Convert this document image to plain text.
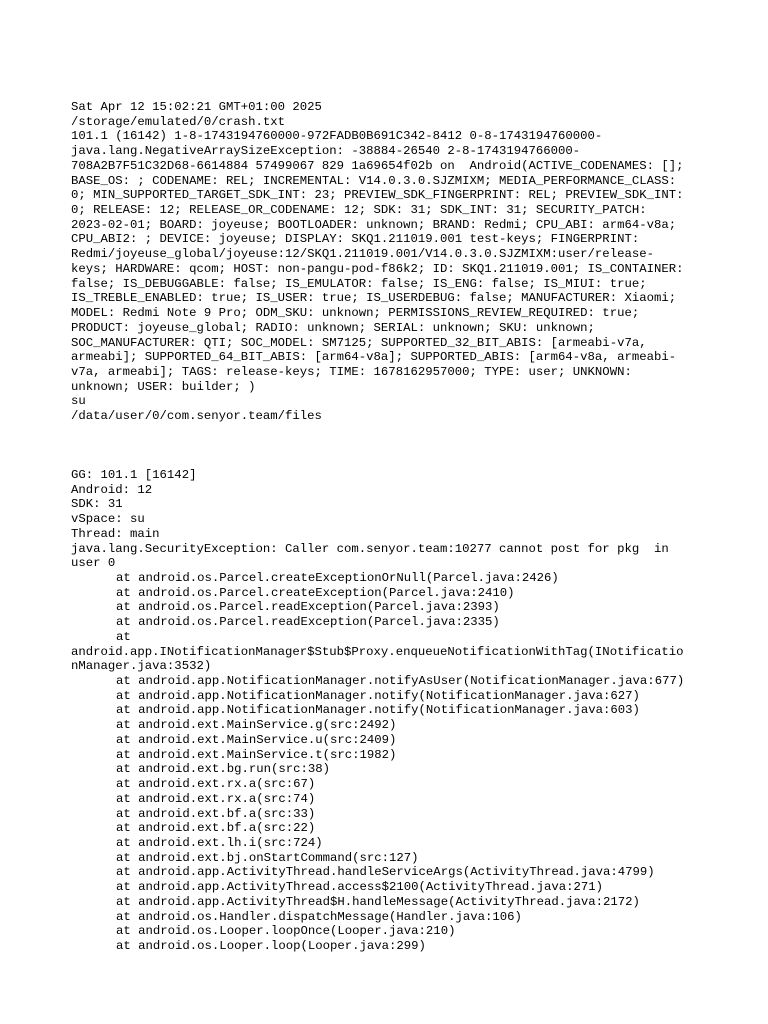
Sat Apr 12 15:02:21 GMT+01:00 2025
/storage/emulated/0/crash.txt
101.1 (16142) 1-8-1743194760000-972FADB0B691C342-8412 0-8-1743194760000-
java.lang.NegativeArraySizeException: -38884-26540 2-8-1743194766000-
708A2B7F51C32D68-6614884 57499067 829 1a69654f02b on  Android(ACTIVE_CODENAMES: [];
BASE_OS: ; CODENAME: REL; INCREMENTAL: V14.0.3.0.SJZMIXM; MEDIA_PERFORMANCE_CLASS:
0; MIN_SUPPORTED_TARGET_SDK_INT: 23; PREVIEW_SDK_FINGERPRINT: REL; PREVIEW_SDK_INT:
0; RELEASE: 12; RELEASE_OR_CODENAME: 12; SDK: 31; SDK_INT: 31; SECURITY_PATCH:
2023-02-01; BOARD: joyeuse; BOOTLOADER: unknown; BRAND: Redmi; CPU_ABI: arm64-v8a;
CPU_ABI2: ; DEVICE: joyeuse; DISPLAY: SKQ1.211019.001 test-keys; FINGERPRINT:
Redmi/joyeuse_global/joyeuse:12/SKQ1.211019.001/V14.0.3.0.SJZMIXM:user/release-
keys; HARDWARE: qcom; HOST: non-pangu-pod-f86k2; ID: SKQ1.211019.001; IS_CONTAINER:
false; IS_DEBUGGABLE: false; IS_EMULATOR: false; IS_ENG: false; IS_MIUI: true;
IS_TREBLE_ENABLED: true; IS_USER: true; IS_USERDEBUG: false; MANUFACTURER: Xiaomi;
MODEL: Redmi Note 9 Pro; ODM_SKU: unknown; PERMISSIONS_REVIEW_REQUIRED: true;
PRODUCT: joyeuse_global; RADIO: unknown; SERIAL: unknown; SKU: unknown;
SOC_MANUFACTURER: QTI; SOC_MODEL: SM7125; SUPPORTED_32_BIT_ABIS: [armeabi-v7a,
armeabi]; SUPPORTED_64_BIT_ABIS: [arm64-v8a]; SUPPORTED_ABIS: [arm64-v8a, armeabi-
v7a, armeabi]; TAGS: release-keys; TIME: 1678162957000; TYPE: user; UNKNOWN:
unknown; USER: builder; )
su
/data/user/0/com.senyor.team/files
GG: 101.1 [16142]
Android: 12
SDK: 31
vSpace: su
Thread: main
java.lang.SecurityException: Caller com.senyor.team:10277 cannot post for pkg  in
user 0
at android.os.Parcel.createExceptionOrNull(Parcel.java:2426)
at android.os.Parcel.createException(Parcel.java:2410)
at android.os.Parcel.readException(Parcel.java:2393)
at android.os.Parcel.readException(Parcel.java:2335)
at
android.app.INotificationManager$Stub$Proxy.enqueueNotificationWithTag(INotificatio
nManager.java:3532)
at android.app.NotificationManager.notifyAsUser(NotificationManager.java:677)
at android.app.NotificationManager.notify(NotificationManager.java:627)
at android.app.NotificationManager.notify(NotificationManager.java:603)
at android.ext.MainService.g(src:2492)
at android.ext.MainService.u(src:2409)
at android.ext.MainService.t(src:1982)
at android.ext.bg.run(src:38)
at android.ext.rx.a(src:67)
at android.ext.rx.a(src:74)
at android.ext.bf.a(src:33)
at android.ext.bf.a(src:22)
at android.ext.lh.i(src:724)
at android.ext.bj.onStartCommand(src:127)
at android.app.ActivityThread.handleServiceArgs(ActivityThread.java:4799)
at android.app.ActivityThread.access$2100(ActivityThread.java:271)
at android.app.ActivityThread$H.handleMessage(ActivityThread.java:2172)
at android.os.Handler.dispatchMessage(Handler.java:106)
at android.os.Looper.loopOnce(Looper.java:210)
at android.os.Looper.loop(Looper.java:299)
